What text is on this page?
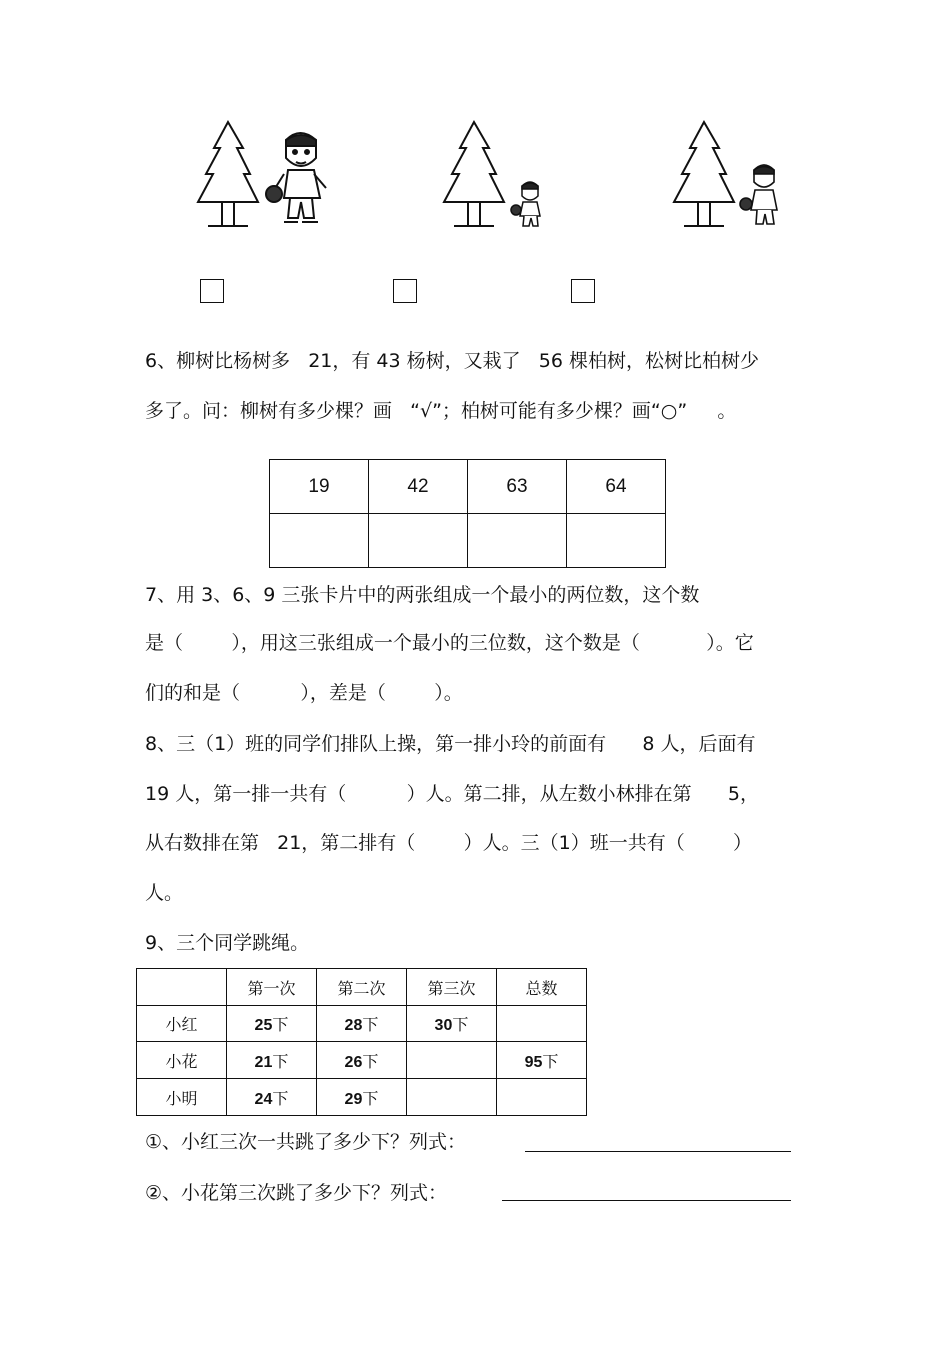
6、柳树比杨树多   21，有 43 杨树，又栽了   56 棵柏树，松树比柏树少
多了。问：柳树有多少棵？画   “√”；柏树可能有多少棵？画“○”     。
19	42	63	64

7、用 3、6、9 三张卡片中的两张组成一个最小的两位数，这个数
是（        ），用这三张组成一个最小的三位数，这个数是（           ）。它
们的和是（          ），差是（        ）。
8、三（1）班的同学们排队上操，第一排小玲的前面有      8 人，后面有
19 人，第一排一共有（          ）人。第二排，从左数小林排在第      5，
从右数排在第   21，第二排有（        ）人。三（1）班一共有（        ）
人。
9、三个同学跳绳。
	第一次	第二次	第三次	总数
小红	25下	28下	30下	
小花	21下	26下		95下
小明	24下	29下		
①、小红三次一共跳了多少下？列式：
②、小花第三次跳了多少下？列式：
